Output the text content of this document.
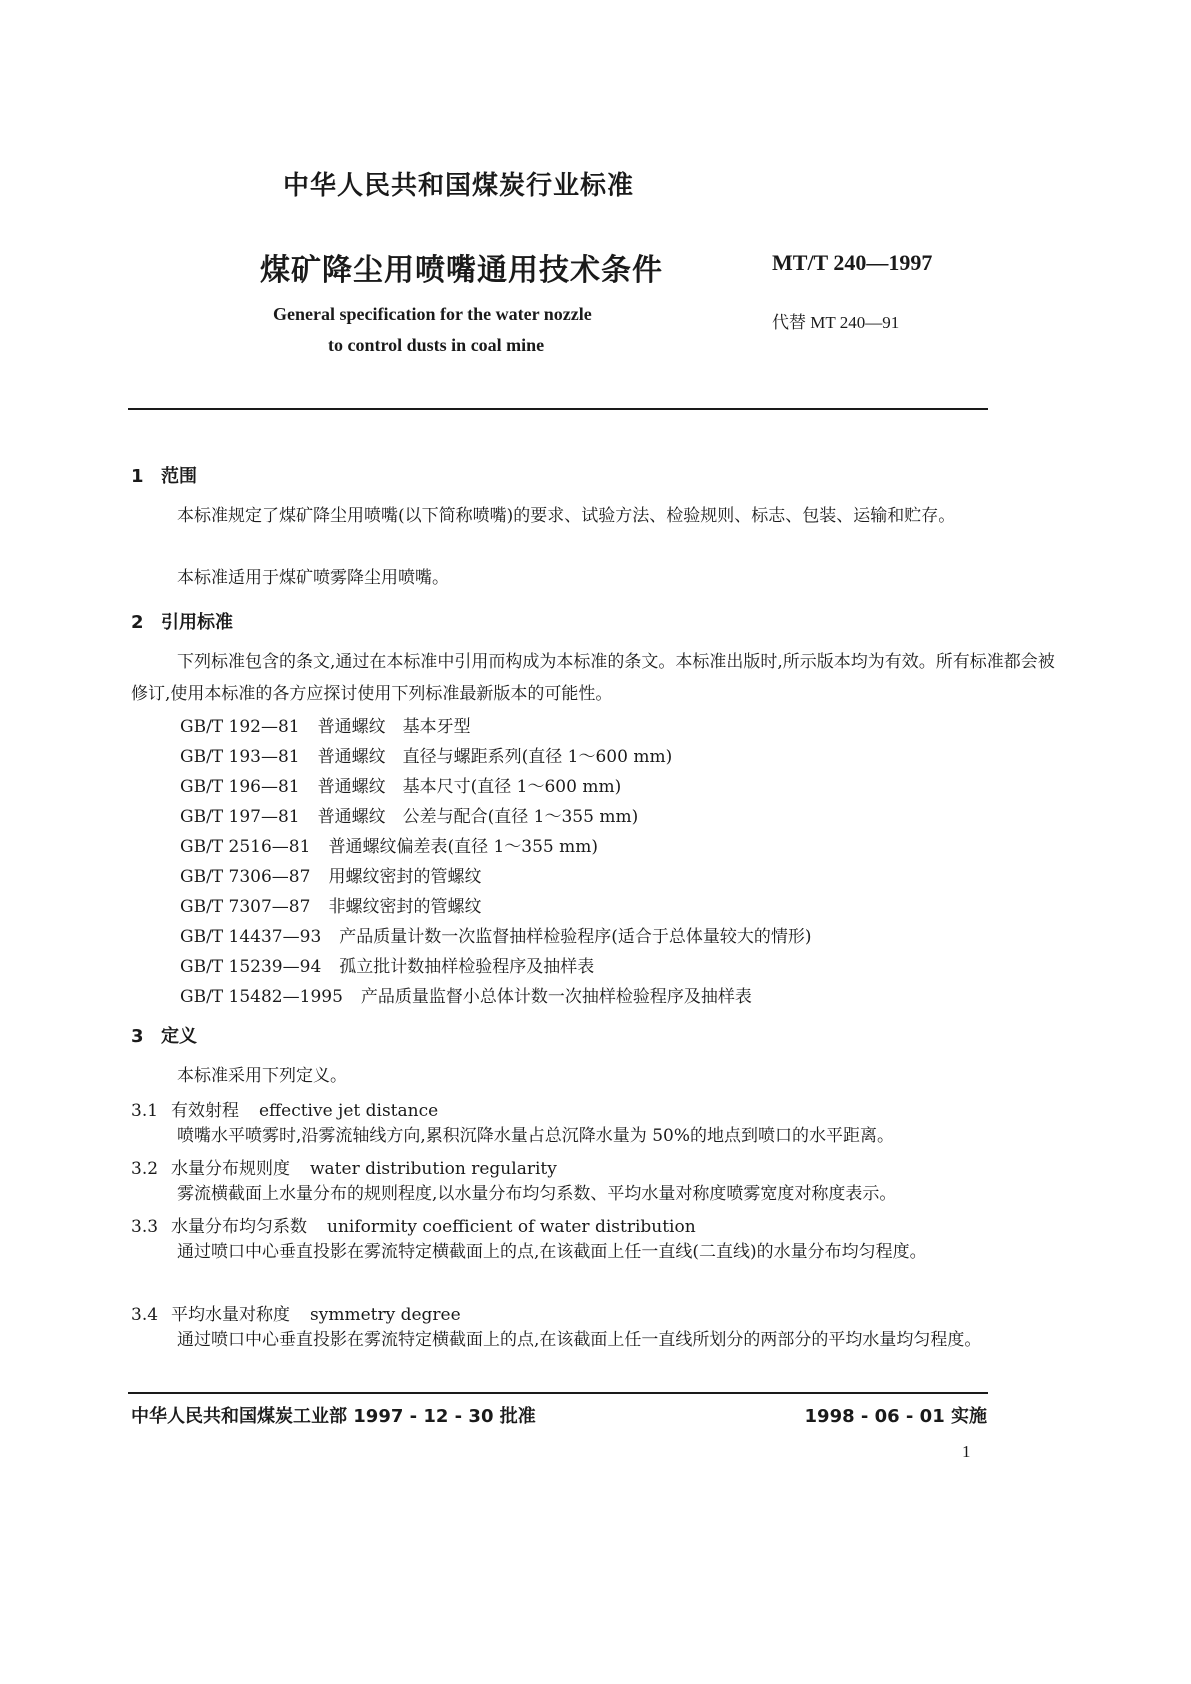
中华人民共和国煤炭行业标准
煤矿降尘用喷嘴通用技术条件	MT/T 240—1997
General specification for the water nozzle
to control dusts in coal mine
代替 MT 240—91
1 范围
本标准规定了煤矿降尘用喷嘴(以下简称喷嘴)的要求、试验方法、检验规则、标志、包装、运输和贮存。
本标准适用于煤矿喷雾降尘用喷嘴。
2 引用标准
下列标准包含的条文,通过在本标准中引用而构成为本标准的条文。本标准出版时,所示版本均为有效。所有标准都会被修订,使用本标准的各方应探讨使用下列标准最新版本的可能性。
GB/T 192—81 普通螺纹　基本牙型
GB/T 193—81 普通螺纹　直径与螺距系列(直径 1～600 mm)
GB/T 196—81 普通螺纹　基本尺寸(直径 1～600 mm)
GB/T 197—81 普通螺纹　公差与配合(直径 1～355 mm)
GB/T 2516—81 普通螺纹偏差表(直径 1～355 mm)
GB/T 7306—87 用螺纹密封的管螺纹
GB/T 7307—87 非螺纹密封的管螺纹
GB/T 14437—93 产品质量计数一次监督抽样检验程序(适合于总体量较大的情形)
GB/T 15239—94 孤立批计数抽样检验程序及抽样表
GB/T 15482—1995 产品质量监督小总体计数一次抽样检验程序及抽样表
3 定义
本标准采用下列定义。
3.1 有效射程 effective jet distance
喷嘴水平喷雾时,沿雾流轴线方向,累积沉降水量占总沉降水量为 50%的地点到喷口的水平距离。
3.2 水量分布规则度 water distribution regularity
雾流横截面上水量分布的规则程度,以水量分布均匀系数、平均水量对称度喷雾宽度对称度表示。
3.3 水量分布均匀系数 uniformity coefficient of water distribution
通过喷口中心垂直投影在雾流特定横截面上的点,在该截面上任一直线(二直线)的水量分布均匀程度。
3.4 平均水量对称度 symmetry degree
通过喷口中心垂直投影在雾流特定横截面上的点,在该截面上任一直线所划分的两部分的平均水量均匀程度。
中华人民共和国煤炭工业部 1997 - 12 - 30 批准	1998 - 06 - 01 实施
1
